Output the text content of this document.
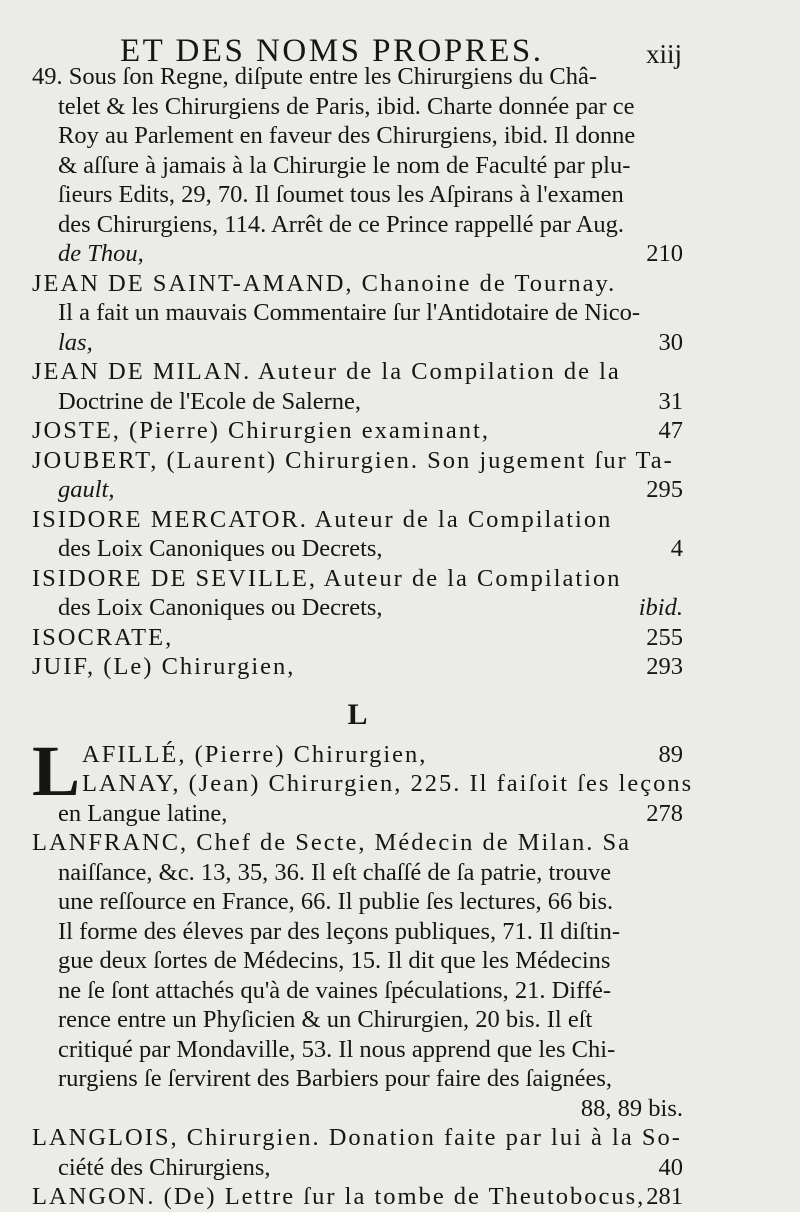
ET DES NOMS PROPRES.	xiij
49. Sous ſon Regne, diſpute entre les Chirurgiens du Châ-
telet & les Chirurgiens de Paris, ibid. Charte donnée par ce
Roy au Parlement en faveur des Chirurgiens, ibid. Il donne
& aſſure à jamais à la Chirurgie le nom de Faculté par plu-
ſieurs Edits, 29, 70. Il ſoumet tous les Aſpirans à l'examen
des Chirurgiens, 114. Arrêt de ce Prince rappellé par Aug.
de Thou,	210
JEAN DE SAINT-AMAND, Chanoine de Tournay.
Il a fait un mauvais Commentaire ſur l'Antidotaire de Nico-
las,	30
JEAN DE MILAN. Auteur de la Compilation de la
Doctrine de l'Ecole de Salerne,	31
JOSTE, (Pierre) Chirurgien examinant,	47
JOUBERT, (Laurent) Chirurgien. Son jugement ſur Ta-
gault,	295
ISIDORE MERCATOR. Auteur de la Compilation
des Loix Canoniques ou Decrets,	4
ISIDORE DE SEVILLE, Auteur de la Compilation
des Loix Canoniques ou Decrets,	ibid.
ISOCRATE,	255
JUIF, (Le) Chirurgien,	293
L
L AFILLÉ, (Pierre) Chirurgien,	89
LANAY, (Jean) Chirurgien, 225. Il faiſoit ſes leçons
en Langue latine,	278
LANFRANC, Chef de Secte, Médecin de Milan. Sa
naiſſance, &c. 13, 35, 36. Il eſt chaſſé de ſa patrie, trouve
une reſſource en France, 66. Il publie ſes lectures, 66 bis.
Il forme des éleves par des leçons publiques, 71. Il diſtin-
gue deux ſortes de Médecins, 15. Il dit que les Médecins
ne ſe ſont attachés qu'à de vaines ſpéculations, 21. Diffé-
rence entre un Phyſicien & un Chirurgien, 20 bis. Il eſt
critiqué par Mondaville, 53. Il nous apprend que les Chi-
rurgiens ſe ſervirent des Barbiers pour faire des ſaignées,
88, 89 bis.
LANGLOIS, Chirurgien. Donation faite par lui à la So-
ciété des Chirurgiens,	40
LANGON. (De) Lettre ſur la tombe de Theutobocus, 281
